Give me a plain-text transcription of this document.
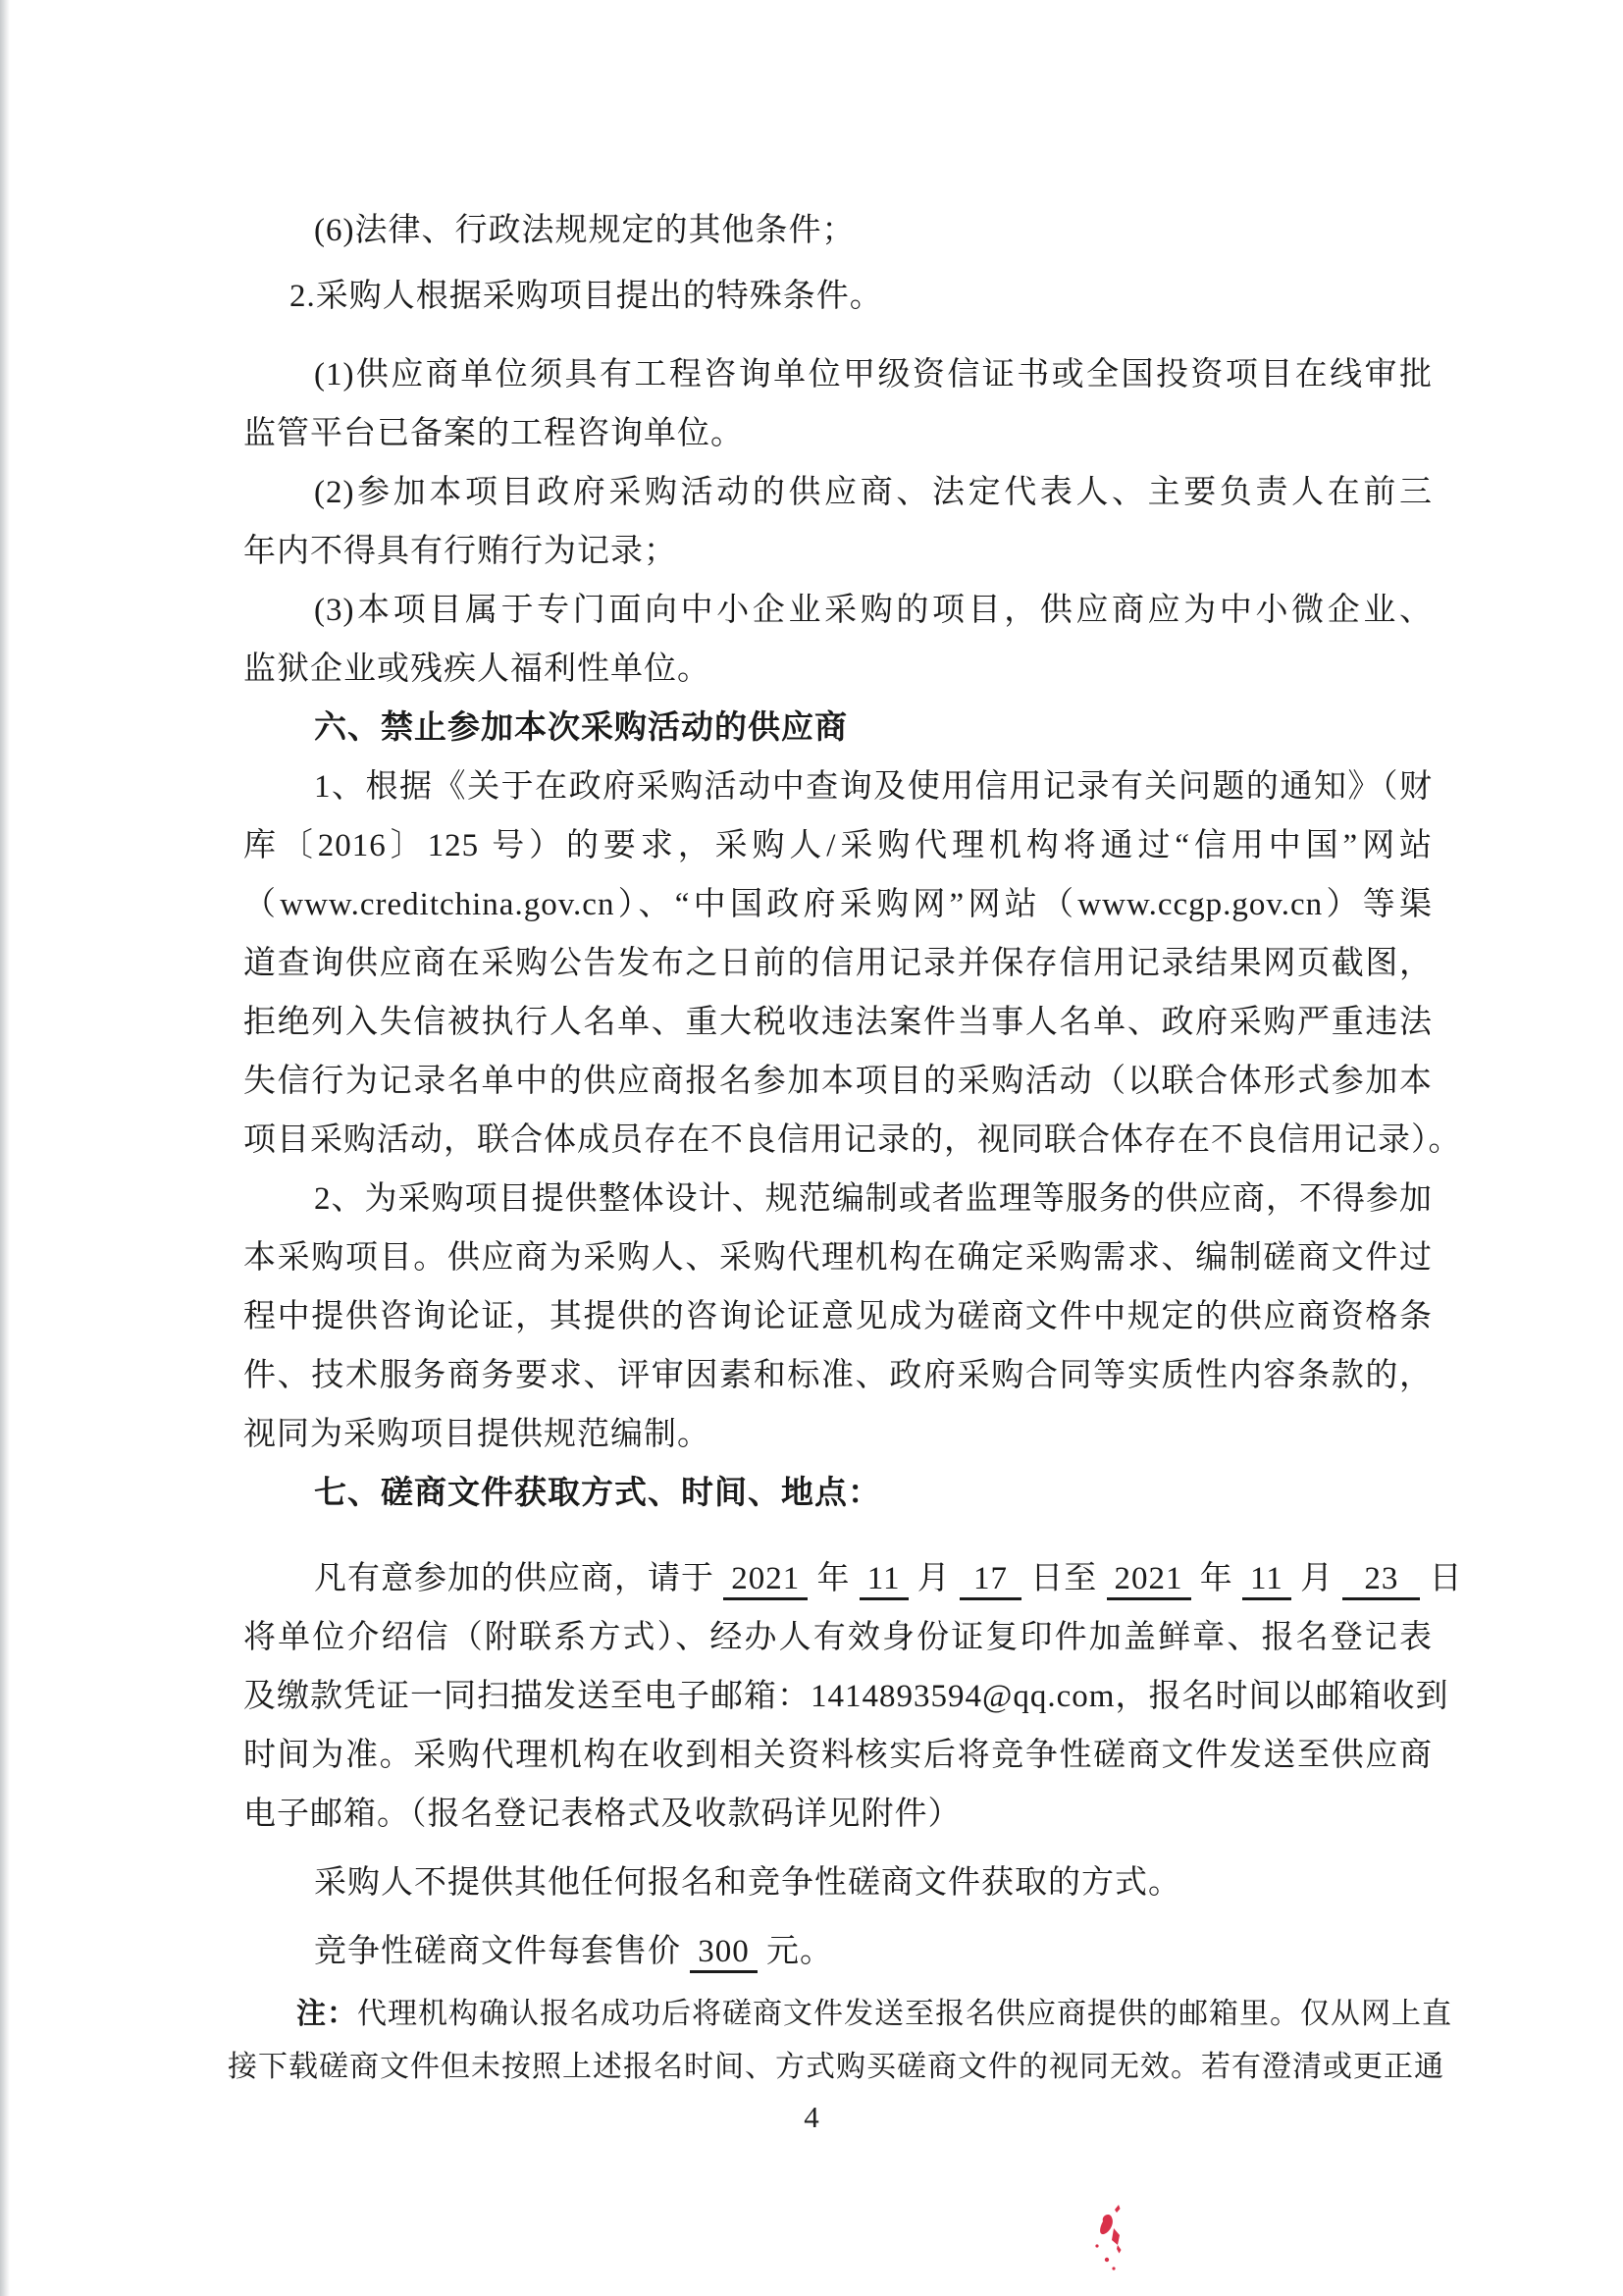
(6)法律、行政法规规定的其他条件；
2.采购人根据采购项目提出的特殊条件。
(1)供应商单位须具有工程咨询单位甲级资信证书或全国投资项目在线审批
监管平台已备案的工程咨询单位。
(2)参加本项目政府采购活动的供应商、法定代表人、主要负责人在前三
年内不得具有行贿行为记录；
(3)本项目属于专门面向中小企业采购的项目，供应商应为中小微企业、
监狱企业或残疾人福利性单位。
六、禁止参加本次采购活动的供应商
1、根据《关于在政府采购活动中查询及使用信用记录有关问题的通知》（财
库〔2016〕125 号）的要求，采购人/采购代理机构将通过“信用中国”网站
（www.creditchina.gov.cn）、“中国政府采购网”网站（www.ccgp.gov.cn）等渠
道查询供应商在采购公告发布之日前的信用记录并保存信用记录结果网页截图，
拒绝列入失信被执行人名单、重大税收违法案件当事人名单、政府采购严重违法
失信行为记录名单中的供应商报名参加本项目的采购活动（以联合体形式参加本
项目采购活动，联合体成员存在不良信用记录的，视同联合体存在不良信用记录）。
2、为采购项目提供整体设计、规范编制或者监理等服务的供应商，不得参加
本采购项目。供应商为采购人、采购代理机构在确定采购需求、编制磋商文件过
程中提供咨询论证，其提供的咨询论证意见成为磋商文件中规定的供应商资格条
件、技术服务商务要求、评审因素和标准、政府采购合同等实质性内容条款的，
视同为采购项目提供规范编制。
七、磋商文件获取方式、时间、地点：
凡有意参加的供应商，请于 2021 年 11 月 17 日至 2021 年 11 月 23 日
将单位介绍信（附联系方式）、经办人有效身份证复印件加盖鲜章、报名登记表
及缴款凭证一同扫描发送至电子邮箱：1414893594@qq.com，报名时间以邮箱收到
时间为准。采购代理机构在收到相关资料核实后将竞争性磋商文件发送至供应商
电子邮箱。（报名登记表格式及收款码详见附件）
采购人不提供其他任何报名和竞争性磋商文件获取的方式。
竞争性磋商文件每套售价 300 元。
注：代理机构确认报名成功后将磋商文件发送至报名供应商提供的邮箱里。仅从网上直
接下载磋商文件但未按照上述报名时间、方式购买磋商文件的视同无效。若有澄清或更正通
4
